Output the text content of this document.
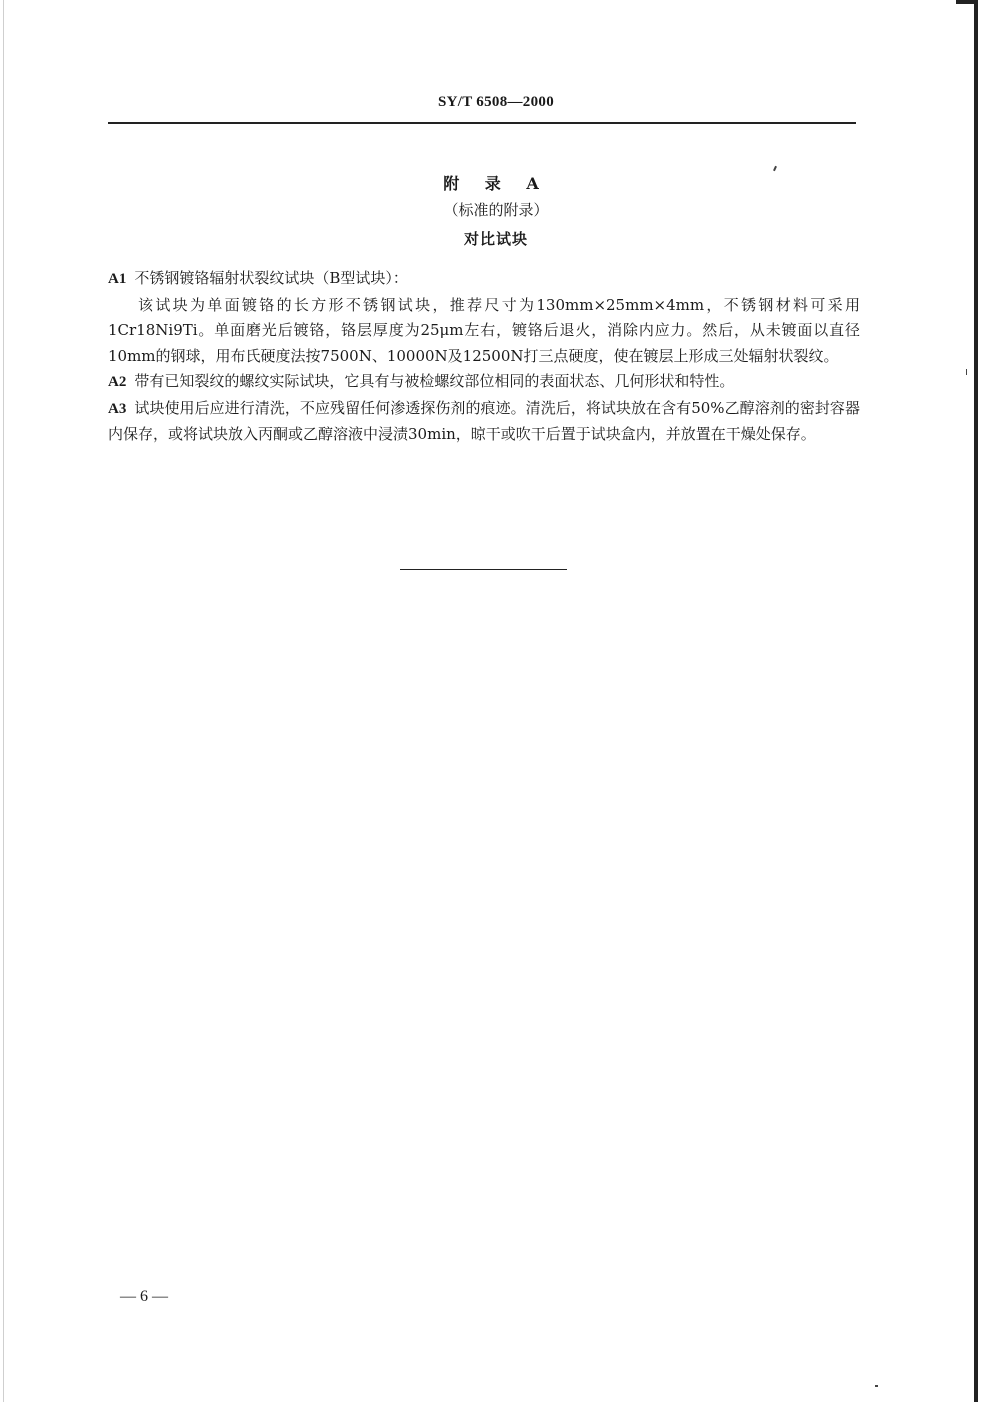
SY/T 6508—2000
附 录 A
（标准的附录）
对比试块

A1 不锈钢镀铬辐射状裂纹试块（B型试块）：

该试块为单面镀铬的长方形不锈钢试块，推荐尺寸为130mm×25mm×4mm，不锈钢材料可采用1Cr18Ni9Ti。单面磨光后镀铬，铬层厚度为25μm左右，镀铬后退火，消除内应力。然后，从未镀面以直径10mm的钢球，用布氏硬度法按7500N、10000N及12500N打三点硬度，使在镀层上形成三处辐射状裂纹。

A2 带有已知裂纹的螺纹实际试块，它具有与被检螺纹部位相同的表面状态、几何形状和特性。

A3 试块使用后应进行清洗，不应残留任何渗透探伤剂的痕迹。清洗后，将试块放在含有50%乙醇溶剂的密封容器内保存，或将试块放入丙酮或乙醇溶液中浸渍30min，晾干或吹干后置于试块盒内，并放置在干燥处保存。

— 6 —
